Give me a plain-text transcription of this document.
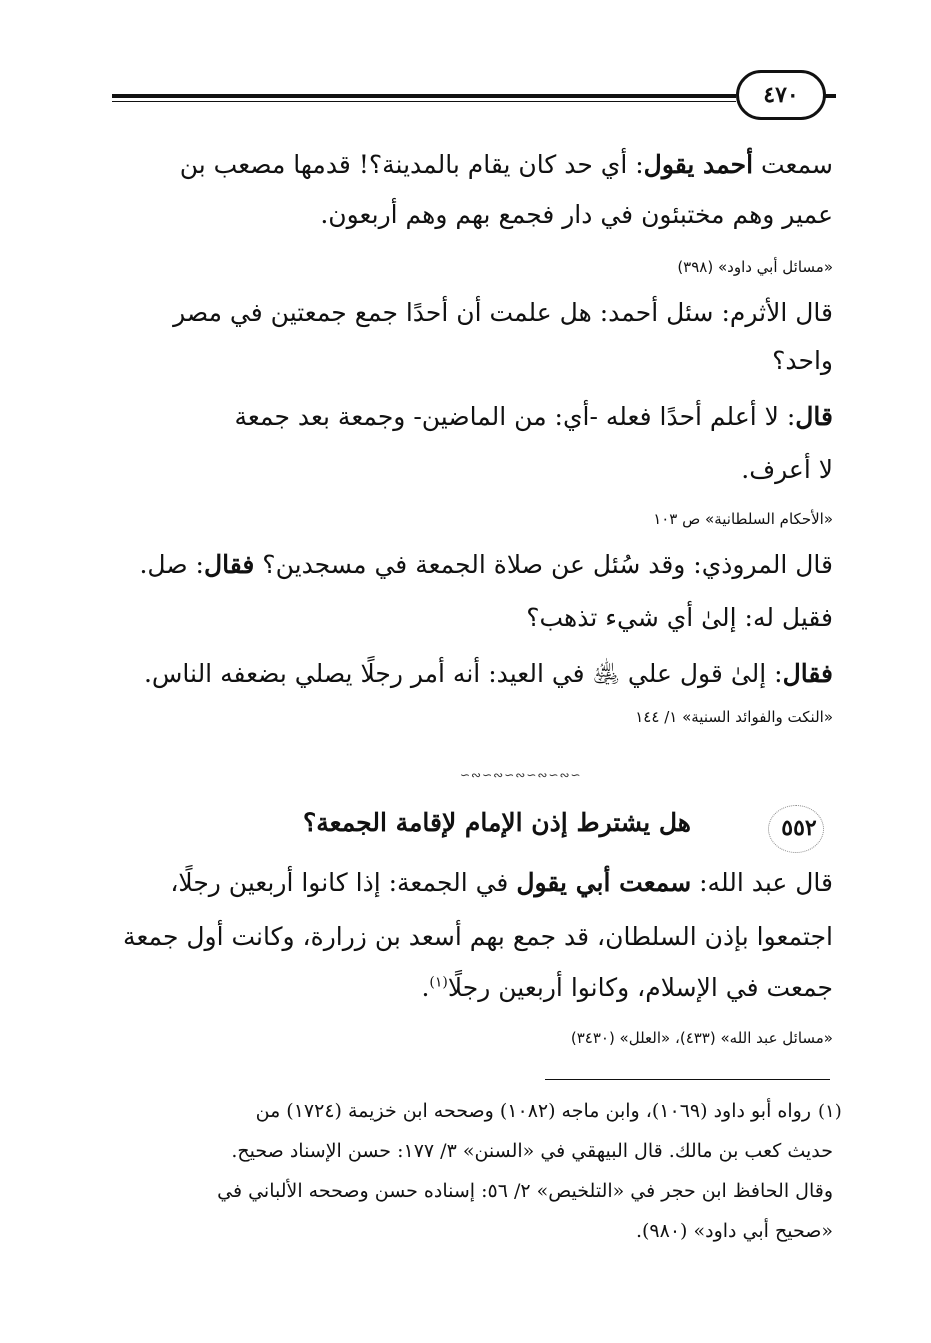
٤٧٠
سمعت أحمد يقول: أي حد كان يقام بالمدينة؟! قدمها مصعب بن
عمير وهم مختبئون في دار فجمع بهم وهم أربعون.
«مسائل أبي داود» (٣٩٨)
قال الأثرم: سئل أحمد: هل علمت أن أحدًا جمع جمعتين في مصر
واحد؟
قال: لا أعلم أحدًا فعله -أي: من الماضين- وجمعة بعد جمعة
لا أعرف.
«الأحكام السلطانية» ص ١٠٣
قال المروذي: وقد سُئل عن صلاة الجمعة في مسجدين؟ فقال: صل.
فقيل له: إلىٰ أي شيء تذهب؟
فقال: إلىٰ قول علي ﵁ في العيد: أنه أمر رجلًا يصلي بضعفه الناس.
«النكت والفوائد السنية» ١/ ١٤٤
∽∾∽∾∽∾∽∾∽∾∽
٥٥٢
هل يشترط إذن الإمام لإقامة الجمعة؟
قال عبد الله: سمعت أبي يقول في الجمعة: إذا كانوا أربعين رجلًا،
اجتمعوا بإذن السلطان، قد جمع بهم أسعد بن زرارة، وكانت أول جمعة
جمعت في الإسلام، وكانوا أربعين رجلًا$^{(١)}$.
«مسائل عبد الله» (٤٣٣)، «العلل» (٣٤٣٠)
(١)
رواه أبو داود (١٠٦٩)، وابن ماجه (١٠٨٢) وصححه ابن خزيمة (١٧٢٤) من
حديث كعب بن مالك. قال البيهقي في «السنن» ٣/ ١٧٧: حسن الإسناد صحيح.
وقال الحافظ ابن حجر في «التلخيص» ٢/ ٥٦: إسناده حسن وصححه الألباني في
«صحيح أبي داود» (٩٨٠).
